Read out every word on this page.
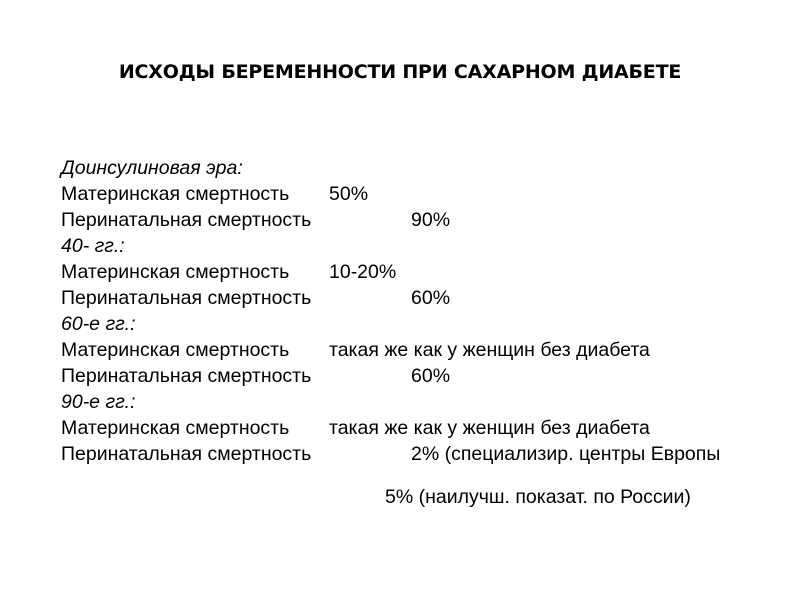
ИСХОДЫ БЕРЕМЕННОСТИ ПРИ САХАРНОМ ДИАБЕТЕ
Доинсулиновая эра:
Материнская смертность 50%
Перинатальная смертность	90%
40- гг.:
Материнская смертность 10-20%
Перинатальная смертность	60%
60-е гг.:
Материнская смертность такая же как у женщин без диабета
Перинатальная смертность	60%
90-е гг.:
Материнская смертность такая же как у женщин без диабета
Перинатальная смертность	2% (специализир. центры Европы
5% (наилучш. показат. по России)
